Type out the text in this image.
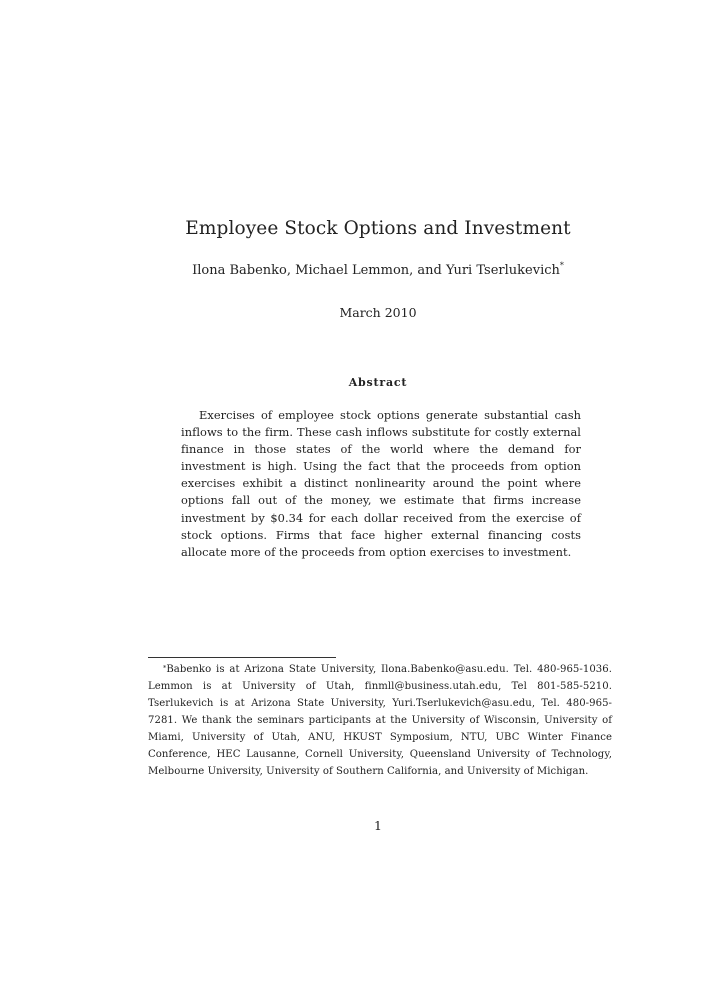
Employee Stock Options and Investment
Ilona Babenko, Michael Lemmon, and Yuri Tserlukevich*
March 2010
Abstract
Exercises of employee stock options generate substantial cash inflows to the firm. These cash inflows substitute for costly external finance in those states of the world where the demand for investment is high. Using the fact that the proceeds from option exercises exhibit a distinct nonlinearity around the point where options fall out of the money, we estimate that firms increase investment by $0.34 for each dollar received from the exercise of stock options. Firms that face higher external financing costs allocate more of the proceeds from option exercises to investment.
*Babenko is at Arizona State University, Ilona.Babenko@asu.edu. Tel. 480-965-1036. Lemmon is at University of Utah, finmll@business.utah.edu, Tel 801-585-5210. Tserlukevich is at Arizona State University, Yuri.Tserlukevich@asu.edu, Tel. 480-965-7281. We thank the seminars participants at the University of Wisconsin, University of Miami, University of Utah, ANU, HKUST Symposium, NTU, UBC Winter Finance Conference, HEC Lausanne, Cornell University, Queensland University of Technology, Melbourne University, University of Southern California, and University of Michigan.
1
